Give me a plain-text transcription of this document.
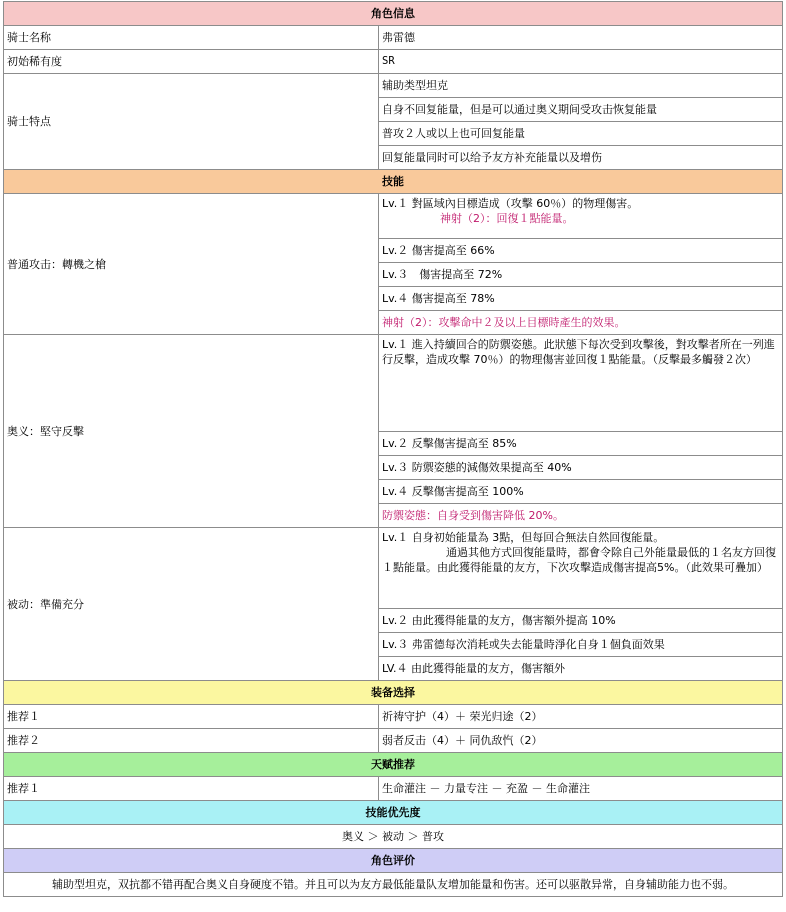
角色信息	
骑士名称	弗雷德
初始稀有度	SR
骑士特点	辅助类型坦克
	自身不回复能量，但是可以通过奥义期间受攻击恢复能量
	普攻２人或以上也可回复能量
	回复能量同时可以给予友方补充能量以及增伤
技能	
普通攻击：轉機之槍	Lv.１ 對區域內目標造成（攻擊 60％）的物理傷害。
神射（2）：回復１點能量。

	Lv.２ 傷害提高至 66%
	Lv.３　傷害提高至 72%
	Lv.４ 傷害提高至 78%
	神射（2）：攻擊命中２及以上目標時產生的效果。
奥义：堅守反擊	Lv.１ 進入持續回合的防禦姿態。此狀態下每次受到攻擊後，對攻擊者所在一列進行反擊，造成攻擊 70％）的物理傷害並回復１點能量。（反擊最多觸發２次）
	Lv.２ 反擊傷害提高至 85%
	Lv.３ 防禦姿態的減傷效果提高至 40%
	Lv.４ 反擊傷害提高至 100%
	防禦姿態：自身受到傷害降低 20%。
被动：準備充分	Lv.１ 自身初始能量為 3點，但每回合無法自然回復能量。
通過其他方式回復能量時，都會令除自己外能量最低的１名友方回復１點能量。由此獲得能量的友方，下次攻擊造成傷害提高5%。（此效果可疊加）

	Lv.２ 由此獲得能量的友方，傷害額外提高 10%
	Lv.３ 弗雷德每次消耗或失去能量時淨化自身１個負面效果
	LV.４ 由此獲得能量的友方，傷害額外
装备选择	
推荐１	祈祷守护（4）＋ 荣光归途（2）
推荐２	弱者反击（4）＋ 同仇敌忾（2）
天赋推荐	
推荐１	生命灌注 － 力量专注 － 充盈 － 生命灌注
技能优先度	
奥义 ＞ 被动 ＞ 普攻	
角色评价	
辅助型坦克，双抗都不错再配合奥义自身硬度不错。并且可以为友方最低能量队友增加能量和伤害。还可以驱散异常，自身辅助能力也不弱。	
